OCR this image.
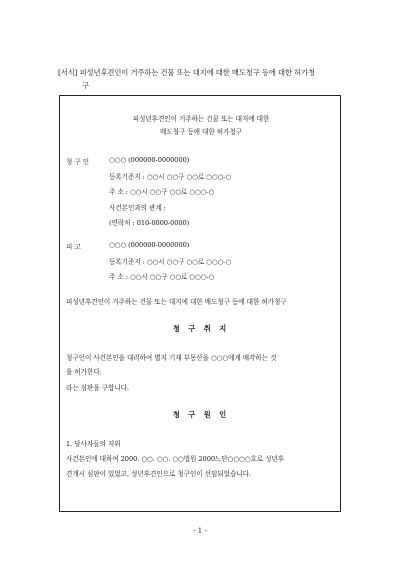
[서식] 피성년후견인이 거주하는 건물 또는 대지에 대한 매도청구 등에 대한 허가청
구
피성년후견인이 거주하는 건물 또는 대지에 대한
매도청구 등에 대한 허가청구
청 구 인	○○○ (000000-0000000)
등록기준지 : ○○시 ○○구 ○○로 ○○○-○
주 소 : ○○시 ○○구 ○○로 ○○○-○
사건본인과의 관계 :
(연락처 : 010-0000-0000)
피 고	○○○ (000000-0000000)
등록기준지 : ○○시 ○○구 ○○로 ○○○-○
주 소 : ○○시 ○○구 ○○로 ○○○-○
피성년후견인이 거주하는 건물 또는 대지에 대한 매도청구 등에 대한 허가청구
청 구 취 지
청구인이 사건본인을 대리하여 별지 기재 부동산을 ○○○에게 매각하는 것
을 허가한다.
라는 심판을 구합니다.
청 구 원 인
1. 당사자들의 지위
사건본인에 대하여 2000. ○○. ○○. ○○법원 2000느단○○○○호로 성년후
견개시 심판이 있었고, 성년후견인으로 청구인이 선임되었습니다.
- 1 -
